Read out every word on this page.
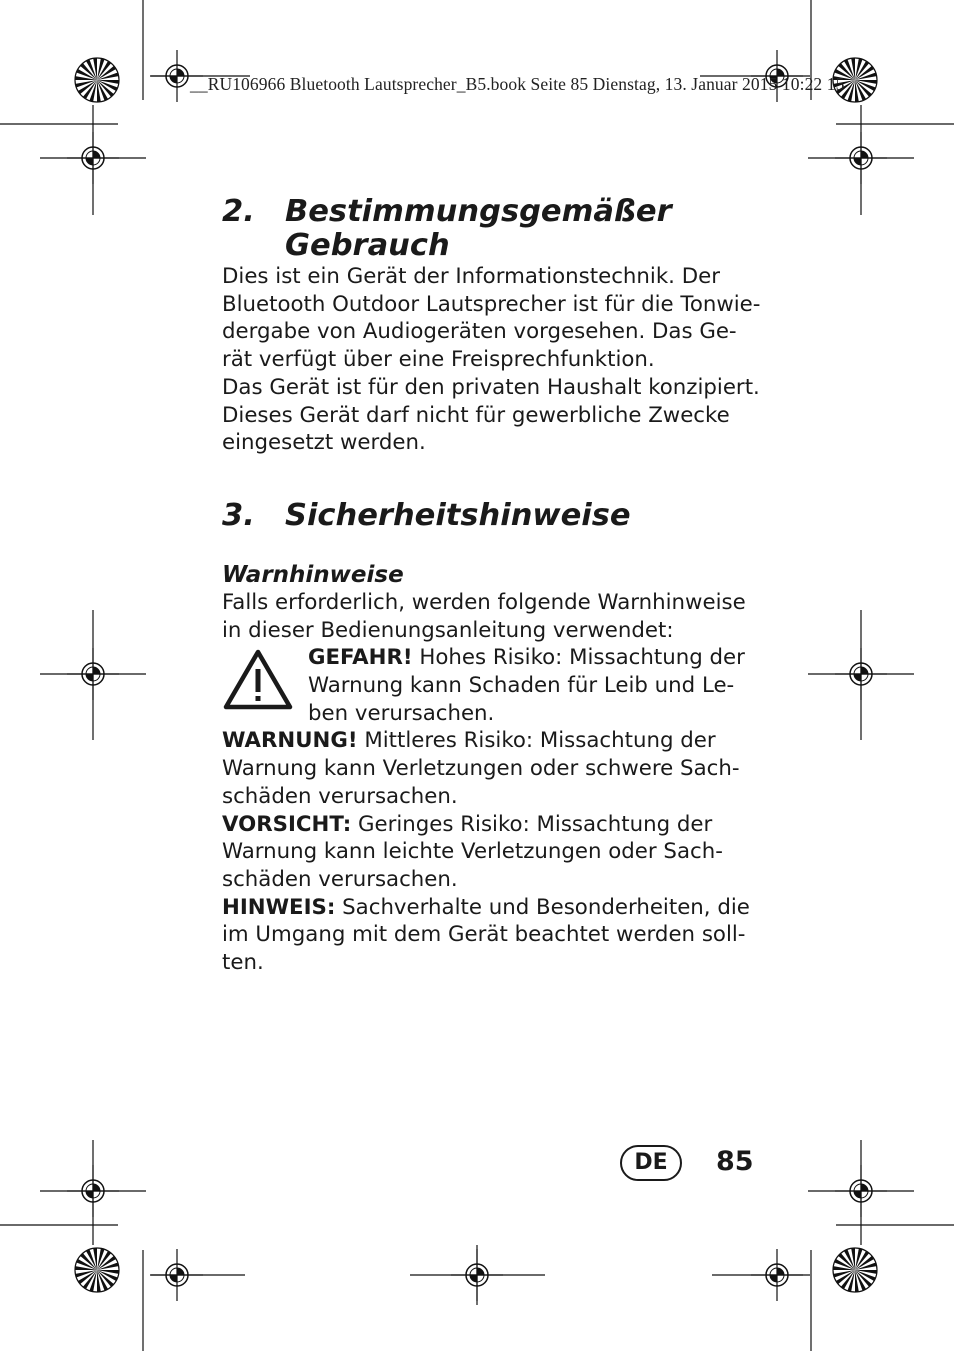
__RU106966 Bluetooth Lautsprecher_B5.book Seite 85 Dienstag, 13. Januar 2015 10:22 15
2. Bestimmungsgemäßer
Gebrauch
Dies ist ein Gerät der Informationstechnik. Der
Bluetooth Outdoor Lautsprecher ist für die Tonwie-
dergabe von Audiogeräten vorgesehen. Das Ge-
rät verfügt über eine Freisprechfunktion.
Das Gerät ist für den privaten Haushalt konzipiert.
Dieses Gerät darf nicht für gewerbliche Zwecke
eingesetzt werden.
3. Sicherheitshinweise
Warnhinweise
Falls erforderlich, werden folgende Warnhinweise
in dieser Bedienungsanleitung verwendet:
GEFAHR! Hohes Risiko: Missachtung der
Warnung kann Schaden für Leib und Le-
ben verursachen.
WARNUNG! Mittleres Risiko: Missachtung der
Warnung kann Verletzungen oder schwere Sach-
schäden verursachen.
VORSICHT: Geringes Risiko: Missachtung der
Warnung kann leichte Verletzungen oder Sach-
schäden verursachen.
HINWEIS: Sachverhalte und Besonderheiten, die
im Umgang mit dem Gerät beachtet werden soll-
ten.
DE	85
